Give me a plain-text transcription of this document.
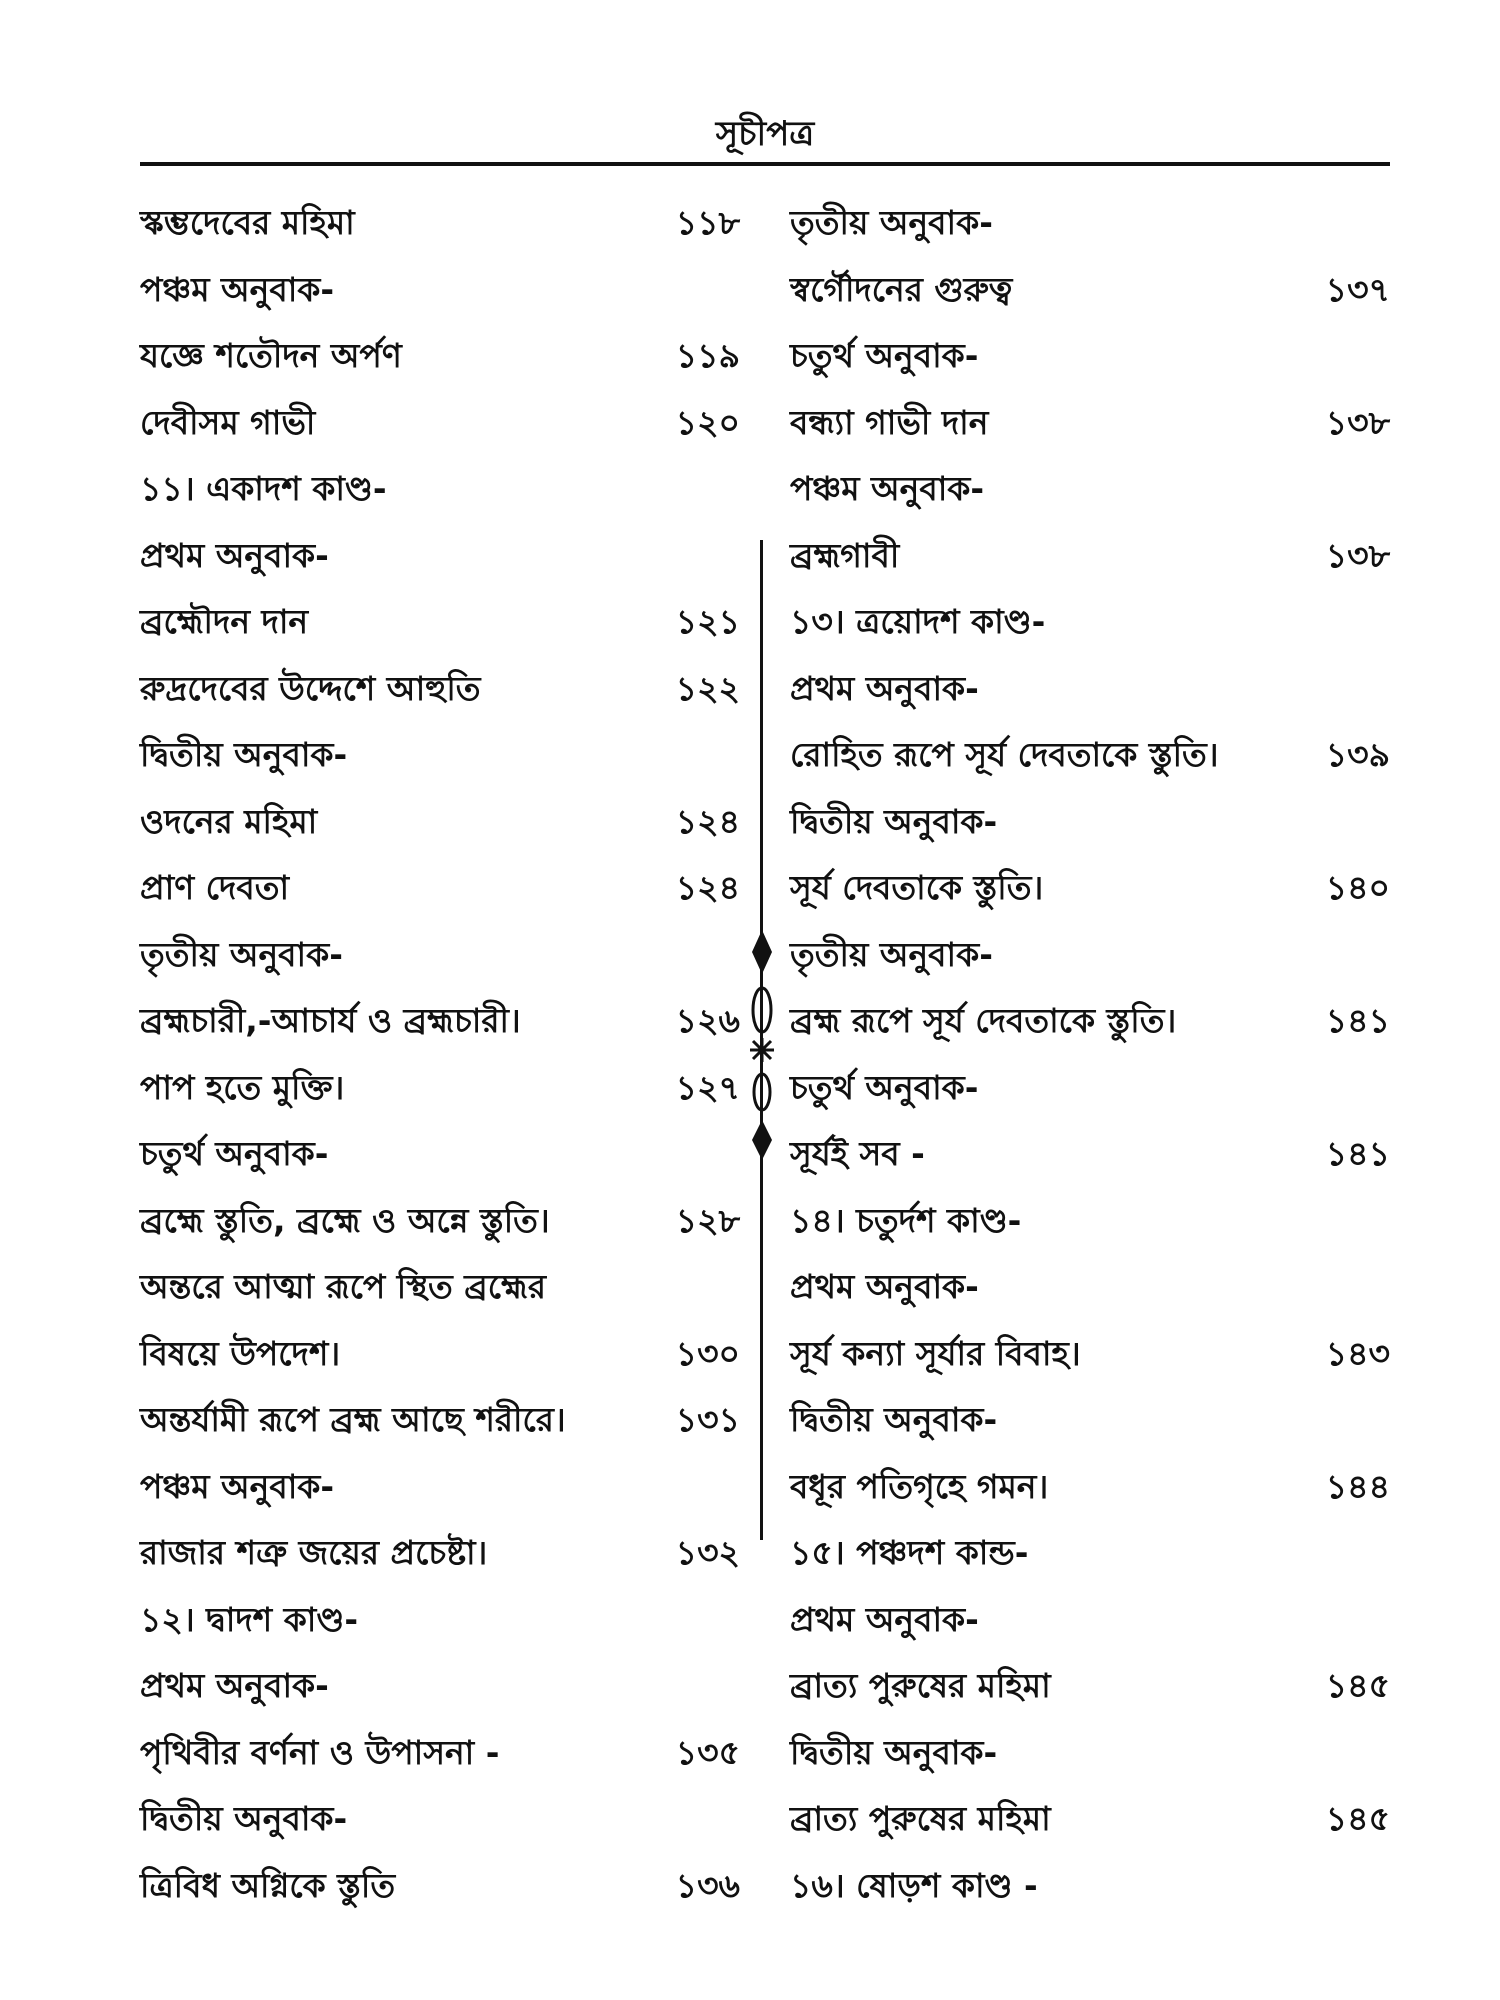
সূচীপত্র
স্কম্ভদেবের মহিমা	১১৮
পঞ্চম অনুবাক-
যজ্ঞে শতৌদন অর্পণ	১১৯
দেবীসম গাভী	১২০
১১। একাদশ কাণ্ড-
প্রথম অনুবাক-
ব্রহ্মৌদন দান	১২১
রুদ্রদেবের উদ্দেশে আহুতি	১২২
দ্বিতীয় অনুবাক-
ওদনের মহিমা	১২৪
প্রাণ দেবতা	১২৪
তৃতীয় অনুবাক-
ব্রহ্মচারী,-আচার্য ও ব্রহ্মচারী।	১২৬
পাপ হতে মুক্তি।	১২৭
চতুর্থ অনুবাক-
ব্রহ্মে স্তুতি, ব্রহ্মে ও অন্নে স্তুতি।	১২৮
অন্তরে আত্মা রূপে স্থিত ব্রহ্মের
বিষয়ে উপদেশ।	১৩০
অন্তর্যামী রূপে ব্রহ্ম আছে শরীরে।	১৩১
পঞ্চম অনুবাক-
রাজার শত্রু জয়ের প্রচেষ্টা।	১৩২
১২। দ্বাদশ কাণ্ড-
প্রথম অনুবাক-
পৃথিবীর বর্ণনা ও উপাসনা -	১৩৫
দ্বিতীয় অনুবাক-
ত্রিবিধ অগ্নিকে স্তুতি	১৩৬
তৃতীয় অনুবাক-
স্বর্গৌদনের গুরুত্ব	১৩৭
চতুর্থ অনুবাক-
বন্ধ্যা গাভী দান	১৩৮
পঞ্চম অনুবাক-
ব্রহ্মগাবী	১৩৮
১৩। ত্রয়োদশ কাণ্ড-
প্রথম অনুবাক-
রোহিত রূপে সূর্য দেবতাকে স্তুতি।	১৩৯
দ্বিতীয় অনুবাক-
সূর্য দেবতাকে স্তুতি।	১৪০
তৃতীয় অনুবাক-
ব্রহ্ম রূপে সূর্য দেবতাকে স্তুতি।	১৪১
চতুর্থ অনুবাক-
সূর্যই সব -	১৪১
১৪। চতুর্দশ কাণ্ড-
প্রথম অনুবাক-
সূর্য কন্যা সূর্যার বিবাহ।	১৪৩
দ্বিতীয় অনুবাক-
বধূর পতিগৃহে গমন।	১৪৪
১৫। পঞ্চদশ কান্ড-
প্রথম অনুবাক-
ব্রাত্য পুরুষের মহিমা	১৪৫
দ্বিতীয় অনুবাক-
ব্রাত্য পুরুষের মহিমা	১৪৫
১৬। ষোড়শ কাণ্ড -
